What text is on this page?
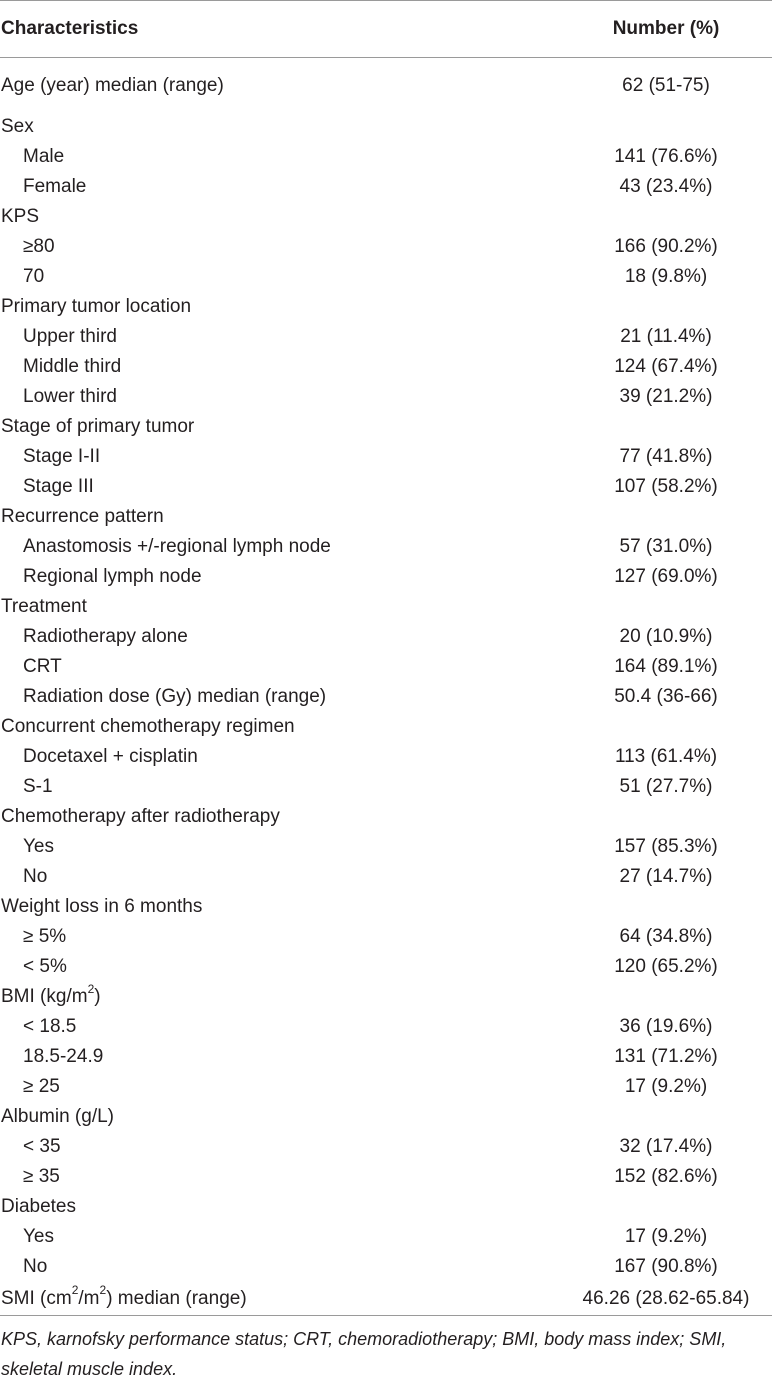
Characteristics	Number (%)
Age (year) median (range)	62 (51-75)
Sex	
Male	141 (76.6%)
Female	43 (23.4%)
KPS	
≥80	166 (90.2%)
70	18 (9.8%)
Primary tumor location	
Upper third	21 (11.4%)
Middle third	124 (67.4%)
Lower third	39 (21.2%)
Stage of primary tumor	
Stage I-II	77 (41.8%)
Stage III	107 (58.2%)
Recurrence pattern	
Anastomosis +/-regional lymph node	57 (31.0%)
Regional lymph node	127 (69.0%)
Treatment	
Radiotherapy alone	20 (10.9%)
CRT	164 (89.1%)
Radiation dose (Gy) median (range)	50.4 (36-66)
Concurrent chemotherapy regimen	
Docetaxel + cisplatin	113 (61.4%)
S-1	51 (27.7%)
Chemotherapy after radiotherapy	
Yes	157 (85.3%)
No	27 (14.7%)
Weight loss in 6 months	
≥ 5%	64 (34.8%)
< 5%	120 (65.2%)
BMI $(kg/m^2)$	
< 18.5	36 (19.6%)
18.5-24.9	131 (71.2%)
≥ 25	17 (9.2%)
Albumin (g/L)	
< 35	32 (17.4%)
≥ 35	152 (82.6%)
Diabetes	
Yes	17 (9.2%)
No	167 (90.8%)
SMI $(cm^2/m^2)$ median (range)	46.26 (28.62-65.84)
KPS, karnofsky performance status; CRT, chemoradiotherapy; BMI, body mass index; SMI, skeletal muscle index.
